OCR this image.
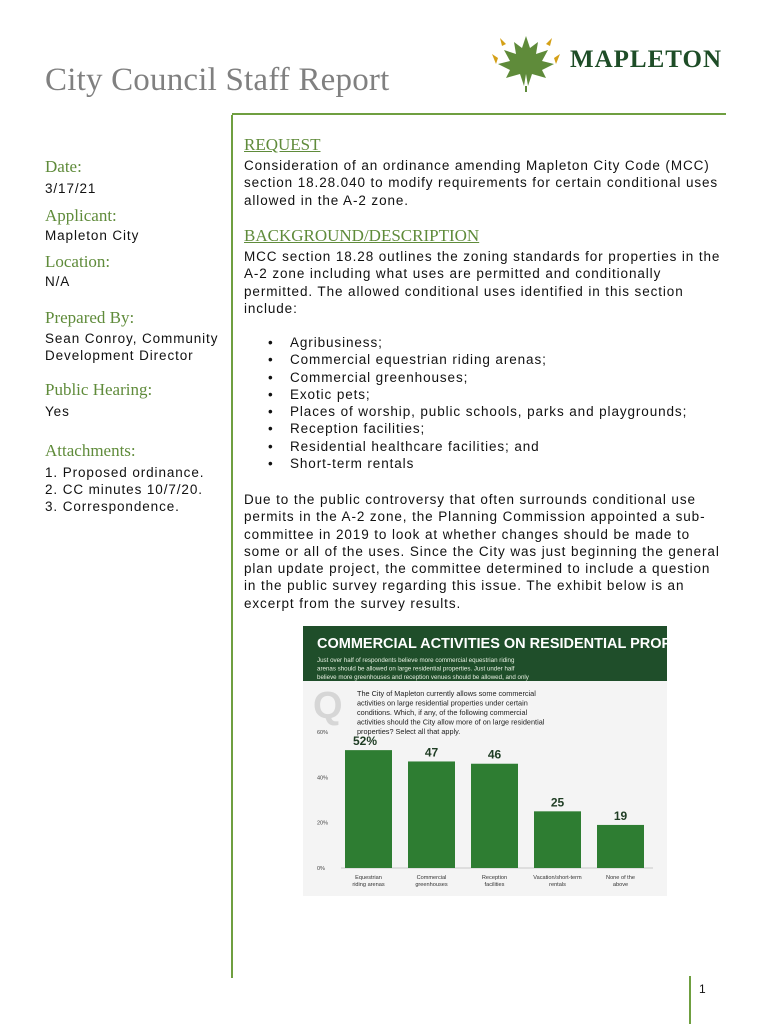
City Council Staff Report
MAPLETON
Date:
3/17/21
Applicant:
Mapleton City
Location:
N/A
Prepared By:
Sean Conroy, Community
Development Director
Public Hearing:
Yes
Attachments:
1. Proposed ordinance.
2. CC minutes 10/7/20.
3. Correspondence.
REQUEST
Consideration of an ordinance amending Mapleton City Code (MCC) section 18.28.040 to modify requirements for certain conditional uses allowed in the A-2 zone.
BACKGROUND/DESCRIPTION
MCC section 18.28 outlines the zoning standards for properties in the A-2 zone including what uses are permitted and conditionally permitted. The allowed conditional uses identified in this section include:
• Agribusiness;
• Commercial equestrian riding arenas;
• Commercial greenhouses;
• Exotic pets;
• Places of worship, public schools, parks and playgrounds;
• Reception facilities;
• Residential healthcare facilities; and
• Short-term rentals
Due to the public controversy that often surrounds conditional use permits in the A-2 zone, the Planning Commission appointed a sub-committee in 2019 to look at whether changes should be made to some or all of the uses. Since the City was just beginning the general plan update project, the committee determined to include a question in the public survey regarding this issue. The exhibit below is an excerpt from the survey results.
COMMERCIAL ACTIVITIES ON RESIDENTIAL PROPERTY
Just over half of respondents believe more commercial equestrian riding
arenas should be allowed on large residential properties. Just under half
believe more greenhouses and reception venues should be allowed, and only
Q The City of Mapleton currently allows some commercial
activities on large residential properties under certain
conditions. Which, if any, of the following commercial
activities should the City allow more of on large residential
properties? Select all that apply.
0%
20%
40%
60%
52%
Equestrian
riding arenas
47
Commercial
greenhouses
46
Reception
facilities
25
Vacation/short-term
rentals
19
None of the
above
1
